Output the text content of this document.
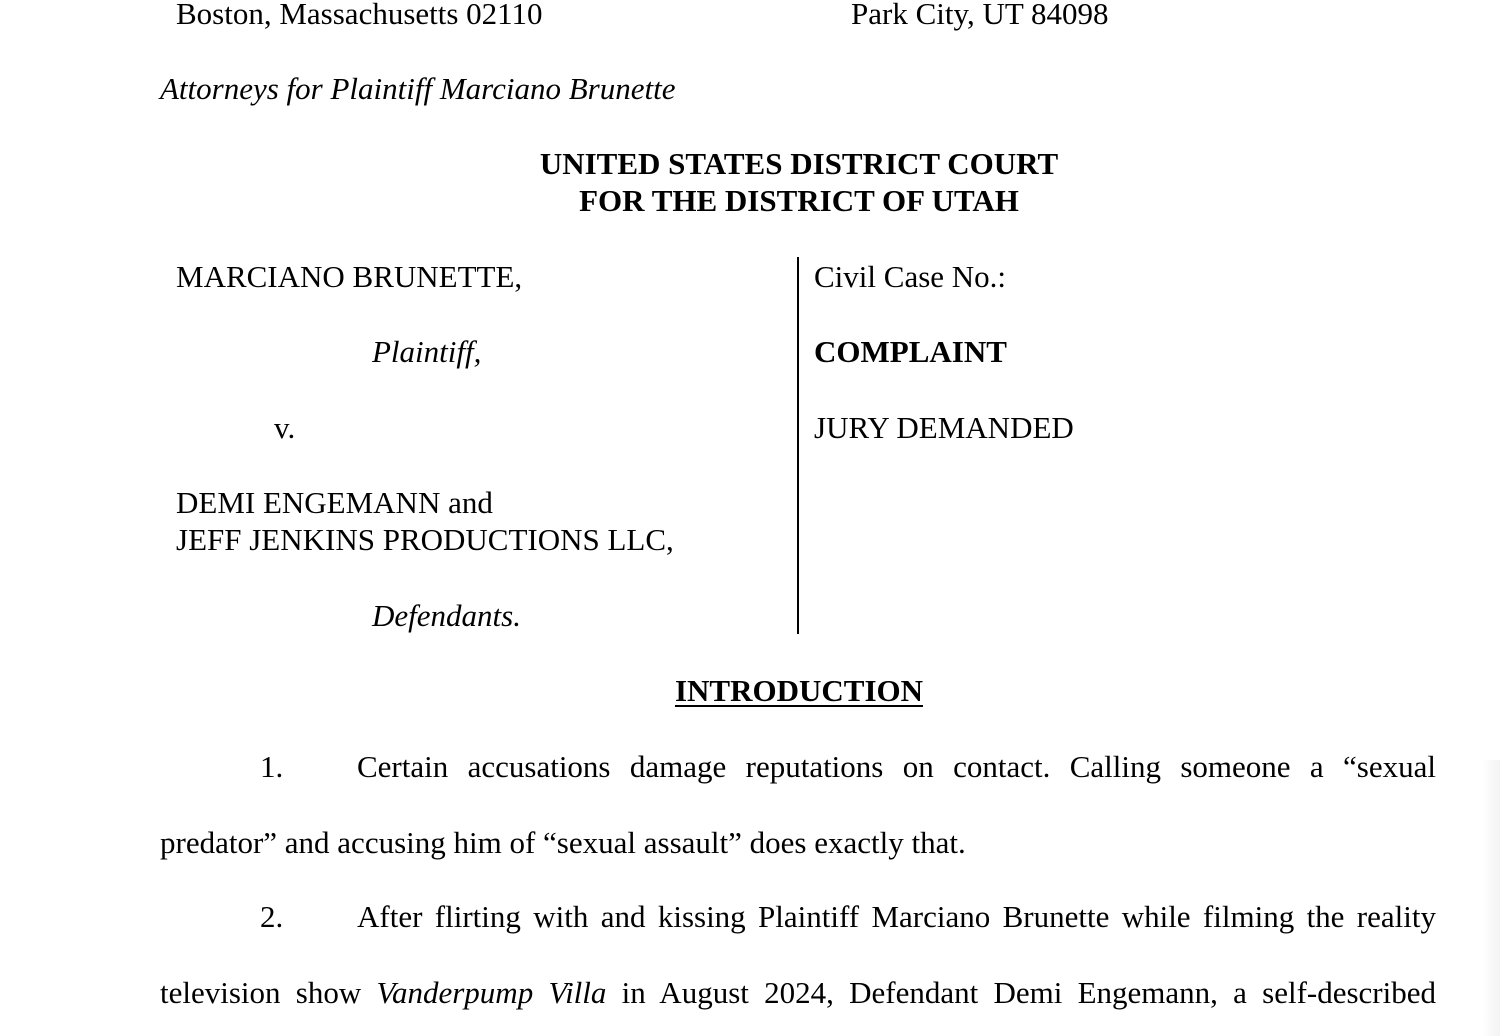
Boston, Massachusetts 02110	Park City, UT 84098
Attorneys for Plaintiff Marciano Brunette
UNITED STATES DISTRICT COURT
FOR THE DISTRICT OF UTAH
MARCIANO BRUNETTE,
Plaintiff,
v.
DEMI ENGEMANN and
JEFF JENKINS PRODUCTIONS LLC,
Defendants.
Civil Case No.:
COMPLAINT
JURY DEMANDED
INTRODUCTION
1. Certain accusations damage reputations on contact. Calling someone a “sexual
predator” and accusing him of “sexual assault” does exactly that.
2. After flirting with and kissing Plaintiff Marciano Brunette while filming the reality
television show Vanderpump Villa in August 2024, Defendant Demi Engemann, a self-described
